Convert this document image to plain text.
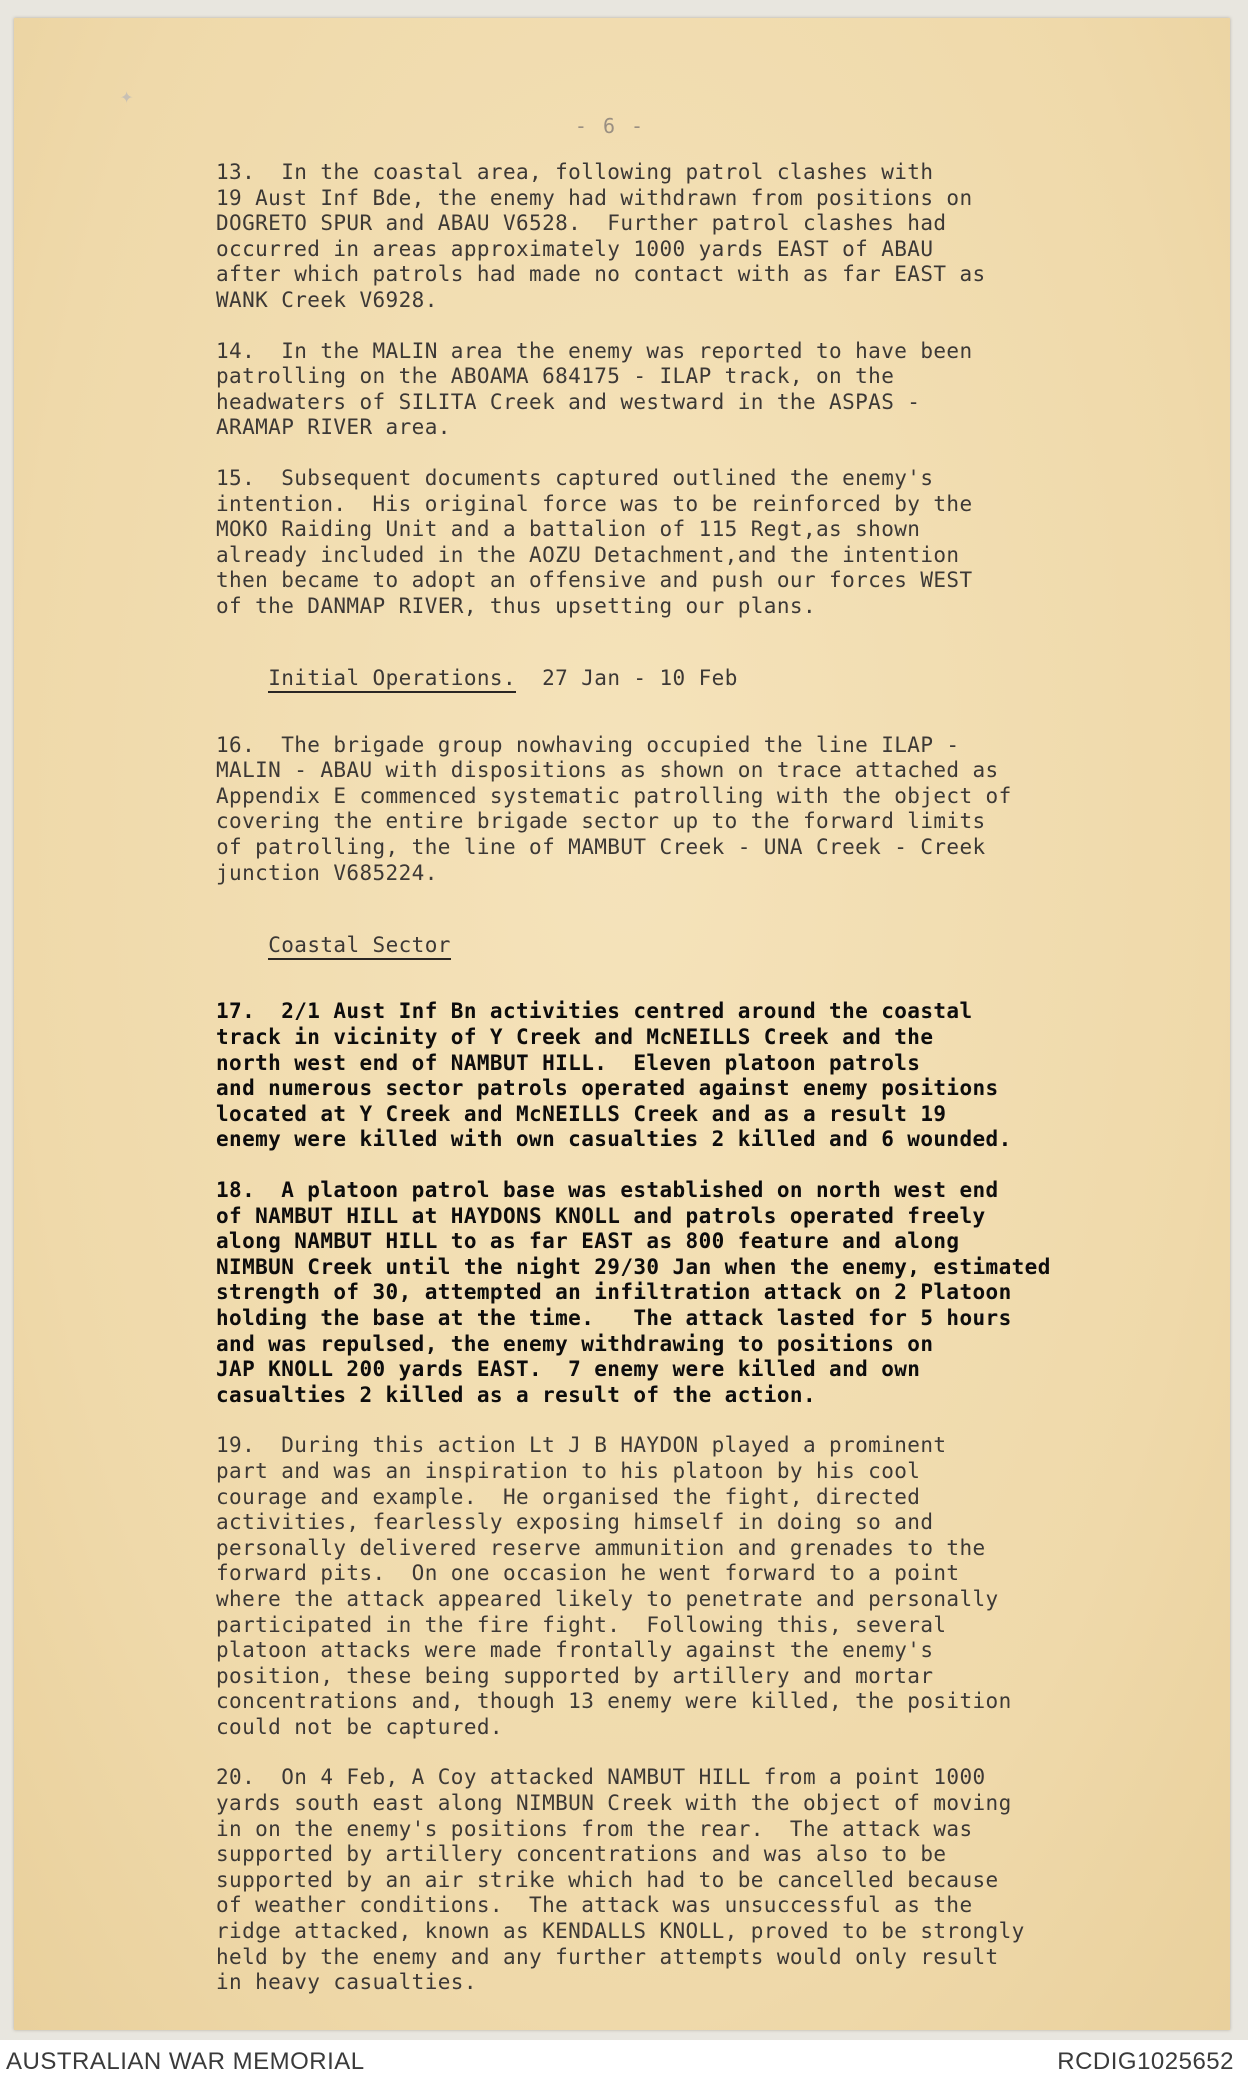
✦
- 6 -
13.  In the coastal area, following patrol clashes with
19 Aust Inf Bde, the enemy had withdrawn from positions on
DOGRETO SPUR and ABAU V6528.  Further patrol clashes had
occurred in areas approximately 1000 yards EAST of ABAU
after which patrols had made no contact with as far EAST as
WANK Creek V6928.
14.  In the MALIN area the enemy was reported to have been
patrolling on the ABOAMA 684175 - ILAP track, on the
headwaters of SILITA Creek and westward in the ASPAS -
ARAMAP RIVER area.
15.  Subsequent documents captured outlined the enemy's
intention.  His original force was to be reinforced by the
MOKO Raiding Unit and a battalion of 115 Regt,as shown
already included in the AOZU Detachment,and the intention
then became to adopt an offensive and push our forces WEST
of the DANMAP RIVER, thus upsetting our plans.

Initial Operations.  27 Jan - 10 Feb

16.  The brigade group nowhaving occupied the line ILAP -
MALIN - ABAU with dispositions as shown on trace attached as
Appendix E commenced systematic patrolling with the object of
covering the entire brigade sector up to the forward limits
of patrolling, the line of MAMBUT Creek - UNA Creek - Creek
junction V685224.

Coastal Sector

17.  2/1 Aust Inf Bn activities centred around the coastal
track in vicinity of Y Creek and McNEILLS Creek and the
north west end of NAMBUT HILL.  Eleven platoon patrols
and numerous sector patrols operated against enemy positions
located at Y Creek and McNEILLS Creek and as a result 19
enemy were killed with own casualties 2 killed and 6 wounded.
18.  A platoon patrol base was established on north west end
of NAMBUT HILL at HAYDONS KNOLL and patrols operated freely
along NAMBUT HILL to as far EAST as 800 feature and along
NIMBUN Creek until the night 29/30 Jan when the enemy, estimated
strength of 30, attempted an infiltration attack on 2 Platoon
holding the base at the time.   The attack lasted for 5 hours
and was repulsed, the enemy withdrawing to positions on
JAP KNOLL 200 yards EAST.  7 enemy were killed and own
casualties 2 killed as a result of the action.
19.  During this action Lt J B HAYDON played a prominent
part and was an inspiration to his platoon by his cool
courage and example.  He organised the fight, directed
activities, fearlessly exposing himself in doing so and
personally delivered reserve ammunition and grenades to the
forward pits.  On one occasion he went forward to a point
where the attack appeared likely to penetrate and personally
participated in the fire fight.  Following this, several
platoon attacks were made frontally against the enemy's
position, these being supported by artillery and mortar
concentrations and, though 13 enemy were killed, the position
could not be captured.
20.  On 4 Feb, A Coy attacked NAMBUT HILL from a point 1000
yards south east along NIMBUN Creek with the object of moving
in on the enemy's positions from the rear.  The attack was
supported by artillery concentrations and was also to be
supported by an air strike which had to be cancelled because
of weather conditions.  The attack was unsuccessful as the
ridge attacked, known as KENDALLS KNOLL, proved to be strongly
held by the enemy and any further attempts would only result
in heavy casualties.
AUSTRALIAN WAR MEMORIAL	RCDIG1025652
